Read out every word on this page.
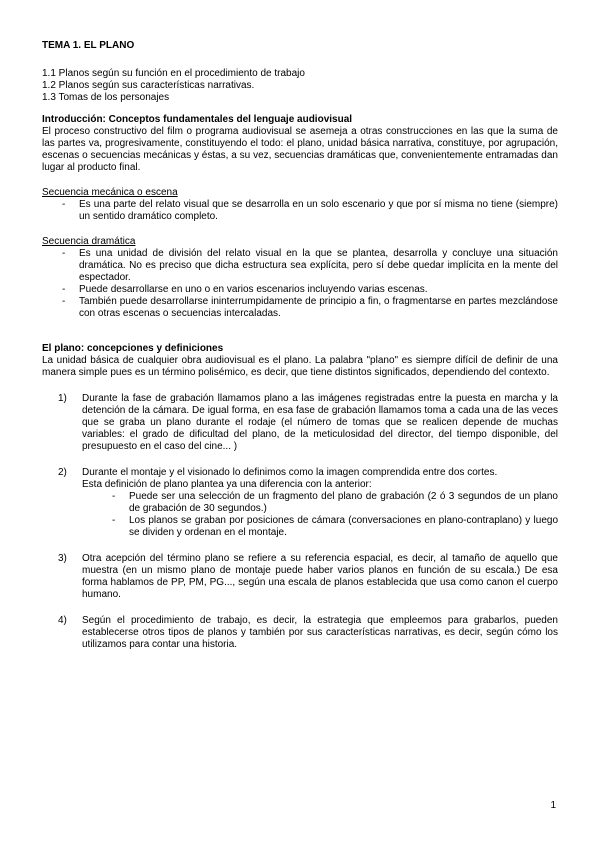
TEMA 1. EL PLANO
1.1 Planos según su función en el procedimiento de trabajo
1.2 Planos según sus características narrativas.
1.3 Tomas de los personajes
Introducción: Conceptos fundamentales del lenguaje audiovisual
El proceso constructivo del film o programa audiovisual se asemeja a otras construcciones en las que la suma de las partes va, progresivamente, constituyendo el todo: el plano, unidad básica narrativa, constituye, por agrupación, escenas o secuencias mecánicas y éstas, a su vez, secuencias dramáticas que, convenientemente entramadas dan lugar al producto final.
Secuencia mecánica o escena
- Es una parte del relato visual que se desarrolla en un solo escenario y que por sí misma no tiene (siempre) un sentido dramático completo.
Secuencia dramática
- Es una unidad de división del relato visual en la que se plantea, desarrolla y concluye una situación dramática. No es preciso que dicha estructura sea explícita, pero sí debe quedar implícita en la mente del espectador.
- Puede desarrollarse en uno o en varios escenarios incluyendo varias escenas.
- También puede desarrollarse ininterrumpidamente de principio a fin, o fragmentarse en partes mezclándose con otras escenas o secuencias intercaladas.
El plano: concepciones y definiciones
La unidad básica de cualquier obra audiovisual es el plano. La palabra "plano" es siempre difícil de definir de una manera simple pues es un término polisémico, es decir, que tiene distintos significados, dependiendo del contexto.
1) Durante la fase de grabación llamamos plano a las imágenes registradas entre la puesta en marcha y la detención de la cámara. De igual forma, en esa fase de grabación llamamos toma a cada una de las veces que se graba un plano durante el rodaje (el número de tomas que se realicen depende de muchas variables: el grado de dificultad del plano, de la meticulosidad del director, del tiempo disponible, del presupuesto en el caso del cine... )
2) Durante el montaje y el visionado lo definimos como la imagen comprendida entre dos cortes.
Esta definición de plano plantea ya una diferencia con la anterior:
- Puede ser una selección de un fragmento del plano de grabación (2 ó 3 segundos de un plano de grabación de 30 segundos.)
- Los planos se graban por posiciones de cámara (conversaciones en plano-contraplano) y luego se dividen y ordenan en el montaje.
3) Otra acepción del término plano se refiere a su referencia espacial, es decir, al tamaño de aquello que muestra (en un mismo plano de montaje puede haber varios planos en función de su escala.) De esa forma hablamos de PP, PM, PG..., según una escala de planos establecida que usa como canon el cuerpo humano.
4) Según el procedimiento de trabajo, es decir, la estrategia que empleemos para grabarlos, pueden establecerse otros tipos de planos y también por sus características narrativas, es decir, según cómo los utilizamos para contar una historia.
1
